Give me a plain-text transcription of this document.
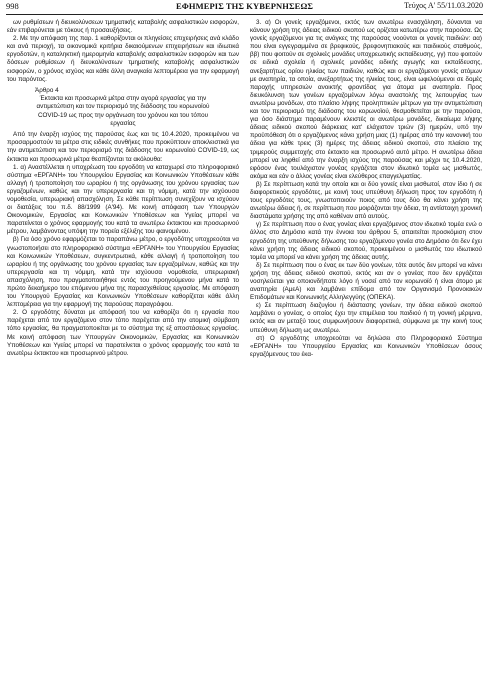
998	ΕΦΗΜΕΡΙΣ ΤΗΣ ΚΥΒΕΡΝΗΣΕΩΣ	Τεύχος Α' 55/11.03.2020

ων ρυθμίσεων ή διευκολύνσεων τμηματικής καταβολής ασφαλιστικών εισφορών, εάν επιβαρύνεται με τόκους ή προσαυξήσεις.

2. Με την απόφαση της παρ. 1 καθορίζονται οι πληγείσες επιχειρήσεις ανά κλάδο και ανά περιοχή, τα οικονομικά κριτήρια δικαιούμενων επιχειρήσεων και ιδιωτικά εργοδοτών, η καταληκτική ημερομηνία καταβολής ασφαλιστικών εισφορών και των δόσεων ρυθμίσεων ή διευκολύνσεων τμηματικής καταβολής ασφαλιστικών εισφορών, ο χρόνος ισχύος και κάθε άλλη αναγκαία λεπτομέρεια για την εφαρμογή του παρόντος.

Άρθρο 4
Έκτακτα και προσωρινά μέτρα στην αγορά εργασίας για την αντιμετώπιση και τον περιορισμό της διάδοσης του κορωνοϊού COVID-19 ως προς την οργάνωση του χρόνου και του τόπου εργασίας

Από την έναρξη ισχύος της παρούσας έως και τις 10.4.2020, προκειμένου να προσαρμοστούν τα μέτρα στις ειδικές συνθήκες που προκύπτουν αποκλειστικά για την αντιμετώπιση και τον περιορισμό της διάδοσης του κορωνοϊού COVID-19, ως έκτακτα και προσωρινά μέτρα θεσπίζονται τα ακόλουθα:

1. α) Αναστέλλεται η υποχρέωση του εργοδότη να καταχωρεί στο πληροφοριακό σύστημα «ΕΡΓΑΝΗ» του Υπουργείου Εργασίας και Κοινωνικών Υποθέσεων κάθε αλλαγή ή τροποποίηση του ωραρίου ή της οργάνωσης του χρόνου εργασίας των εργαζομένων, καθώς και την υπερεργασία και τη νόμιμη, κατά την ισχύουσα νομοθεσία, υπερωριακή απασχόληση. Σε κάθε περίπτωση συνεχίζουν να ισχύουν οι διατάξεις του π.δ. 88/1999 (Α'94). Με κοινή απόφαση των Υπουργών Οικονομικών, Εργασίας και Κοινωνικών Υποθέσεων και Υγείας μπορεί να παρατείνεται ο χρόνος εφαρμογής του κατά τα ανωτέρω έκτακτου και προσωρινού μέτρου, λαμβάνοντας υπόψη την πορεία εξέλιξης του φαινομένου.

β) Για όσο χρόνο εφαρμόζεται το παραπάνω μέτρο, ο εργοδότης υποχρεούται να γνωστοποιήσει στο πληροφοριακό σύστημα «ΕΡΓΑΝΗ» του Υπουργείου Εργασίας και Κοινωνικών Υποθέσεων, συγκεντρωτικά, κάθε αλλαγή ή τροποποίηση του ωραρίου ή της οργάνωσης του χρόνου εργασίας των εργαζομένων, καθώς και την υπερεργασία και τη νόμιμη, κατά την ισχύουσα νομοθεσία, υπερωριακή απασχόληση, που πραγματοποιήθηκε εντός του προηγούμενου μήνα κατά το πρώτο δεκαήμερο του επόμενου μήνα της παρασχεθείσας εργασίας. Με απόφαση του Υπουργού Εργασίας και Κοινωνικών Υποθέσεων καθορίζεται κάθε άλλη λεπτομέρεια για την εφαρμογή της παρούσας παραγράφου.

2. Ο εργοδότης δύναται με απόφασή του να καθορίζει ότι η εργασία που παρέχεται από τον εργαζόμενο στον τόπο παρέχεται από την ατομική σύμβαση τόπο εργασίας, θα πραγματοποιείται με το σύστημα της εξ αποστάσεως εργασίας. Με κοινή απόφαση των Υπουργών Οικονομικών, Εργασίας και Κοινωνικών Υποθέσεων και Υγείας μπορεί να παρατείνεται ο χρόνος εφαρμογής του κατά τα ανωτέρω έκτακτου και προσωρινού μέτρου.

3. α) Οι γονείς εργαζόμενοι, εκτός των ανωτέρω ενασχόληση, δύνανται να κάνουν χρήση της άδειας ειδικού σκοπού ως ορίζεται κατωτέρω στην παρούσα. Ως γονείς εργαζόμενοι για τις ανάγκες της παρούσας νοούνται οι γονείς παιδιών: αα) που είναι εγγεγραμμένα σε βρεφικούς, βρεφονηπιακούς και παιδικούς σταθμούς, ββ) που φοιτούν σε σχολικές μονάδες υποχρεωτικής εκπαίδευσης, γγ) που φοιτούν σε ειδικά σχολεία ή σχολικές μονάδες ειδικής αγωγής και εκπαίδευσης, ανεξαρτήτως ορίου ηλικίας των παιδιών, καθώς και οι εργαζόμενοι γονείς ατόμων με αναπηρία, τα οποία, ανεξαρτήτως της ηλικίας τους, είναι ωφελούμενοι σε δομές παροχής υπηρεσιών ανοικτής φροντίδας για άτομα με αναπηρία. Προς διευκόλυνση των γονέων εργαζομένων λόγω αναστολής της λειτουργίας των ανωτέρω μονάδων, στο πλαίσιο λήψης προληπτικών μέτρων για την αντιμετώπιση και τον περιορισμό της διάδοσης του κορωνοϊού, θεσμοθετείται με την παρούσα, για όσο διάστημα παραμένουν κλειστές οι ανωτέρω μονάδες, δικαίωμα λήψης άδειας ειδικού σκοπού διάρκειας κατ' ελάχιστον τριών (3) ημερών, υπό την προϋπόθεση ότι ο εργαζόμενος κάνει χρήση μιας (1) ημέρας από την κανονική του άδεια για κάθε τρεις (3) ημέρες της άδειας ειδικού σκοπού, στο πλαίσιο της τριμερούς συμμετοχής στο έκτακτο και προσωρινό αυτό μέτρο. Η ανωτέρω άδεια μπορεί να ληφθεί από την έναρξη ισχύος της παρούσας και μέχρι τις 10.4.2020, εφόσον ένας τουλάχιστον γονέας εργάζεται στον ιδιωτικό τομέα ως μισθωτός, ακόμα και εάν ο άλλος γονέας είναι ελεύθερος επαγγελματίας.

β) Σε περίπτωση κατά την οποία και οι δύο γονείς είναι μισθωτοί, στον ίδιο ή σε διαφορετικούς εργοδότες, με κοινή τους υπεύθυνη δήλωση προς τον εργοδότη ή τους εργοδότες τους, γνωστοποιούν ποιος από τους δύο θα κάνει χρήση της ανωτέρω άδειας ή, σε περίπτωση που μοιράζονται την άδεια, τη αντίστοιχη χρονική διαστάματα χρήσης της από καθέναν από αυτούς.

γ) Σε περίπτωση που ο ένας γονέας είναι εργαζόμενος στον ιδιωτικό τομέα ενώ ο άλλος στο Δημόσιο κατά την έννοια του άρθρου 5, απαιτείται προσκόμιση στον εργοδότη της υπεύθυνης δήλωσης του εργαζόμενου γονέα στο Δημόσιο ότι δεν έχει κάνει χρήση της άδειας ειδικού σκοπού, προκειμένου ο μισθωτός του ιδιωτικού τομέα να μπορεί να κάνει χρήση της άδειας αυτής.

δ) Σε περίπτωση που ο ένας εκ των δύο γονέων, τότε αυτός δεν μπορεί να κάνει χρήση της άδειας ειδικού σκοπού, εκτός και αν ο γονέας που δεν εργάζεται νοσηλεύεται για οποιονδήποτε λόγο ή νοσεί από τον κορωνοϊό ή είναι άτομο με αναπηρία (ΑμεΑ) και λαμβάνει επίδομα από τον Οργανισμό Προνοιακών Επιδομάτων και Κοινωνικής Αλληλεγγύης (ΟΠΕΚΑ).

ε) Σε περίπτωση διαζυγίου ή διάστασης γονέων, την άδεια ειδικού σκοπού λαμβάνει ο γονέας, ο οποίος έχει την επιμέλεια του παιδιού ή τη γονική μέριμνα, εκτός και αν μεταξύ τους συμφωνήσουν διαφορετικά, σύμφωνα με την κοινή τους υπεύθυνη δήλωση ως ανωτέρω.

στ) Ο εργοδότης υποχρεούται να δηλώσει στο Πληροφοριακό Σύστημα «ΕΡΓΑΝΗ» του Υπουργείου Εργασίας και Κοινωνικών Υποθέσεων όσους εργαζόμενους του έκα-
